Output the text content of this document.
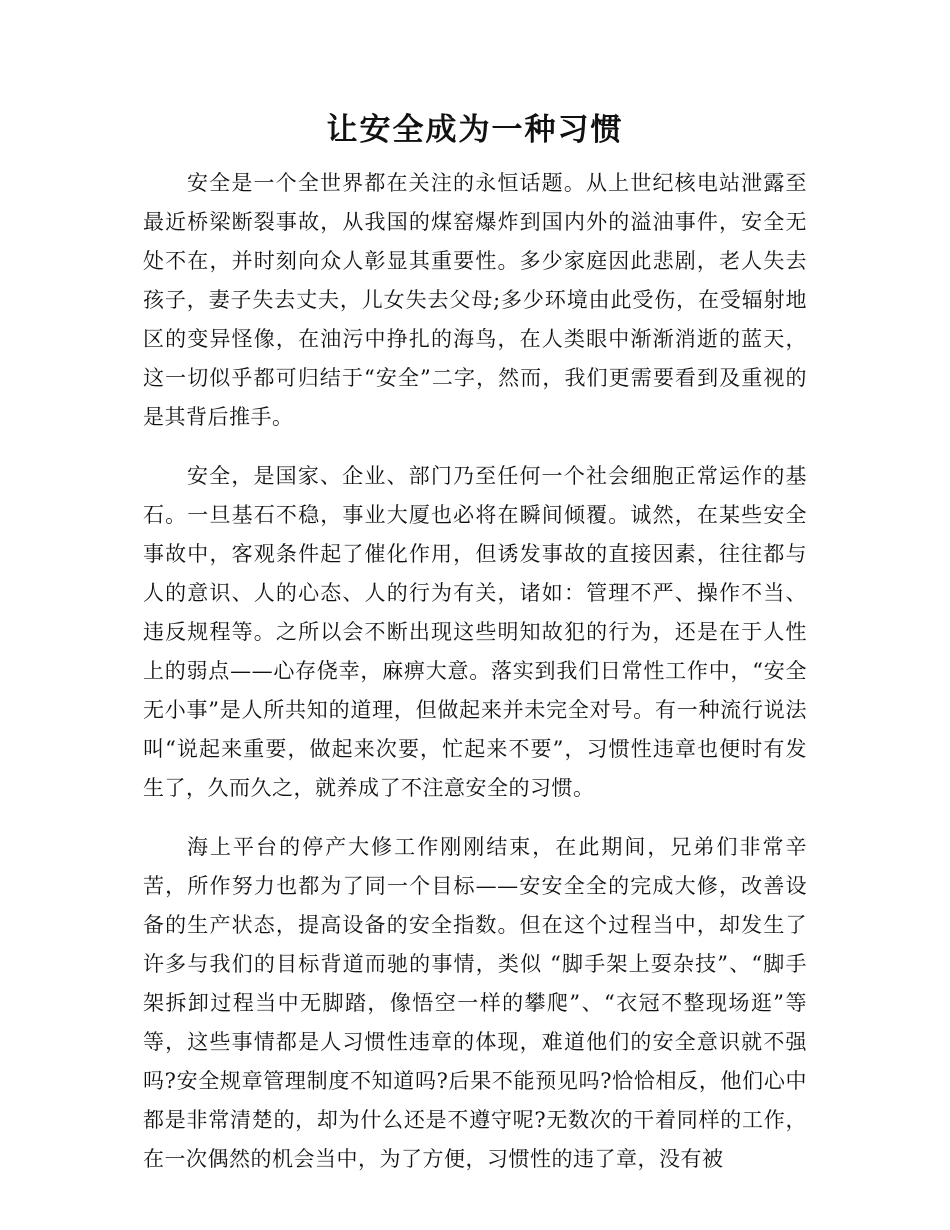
让安全成为一种习惯

安全是一个全世界都在关注的永恒话题。从上世纪核电站泄露至最近桥梁断裂事故，从我国的煤窑爆炸到国内外的溢油事件，安全无处不在，并时刻向众人彰显其重要性。多少家庭因此悲剧，老人失去孩子，妻子失去丈夫，儿女失去父母;多少环境由此受伤，在受辐射地区的变异怪像，在油污中挣扎的海鸟，在人类眼中渐渐消逝的蓝天，这一切似乎都可归结于“安全”二字，然而，我们更需要看到及重视的是其背后推手。

安全，是国家、企业、部门乃至任何一个社会细胞正常运作的基石。一旦基石不稳，事业大厦也必将在瞬间倾覆。诚然，在某些安全事故中，客观条件起了催化作用，但诱发事故的直接因素，往往都与人的意识、人的心态、人的行为有关，诸如：管理不严、操作不当、违反规程等。之所以会不断出现这些明知故犯的行为，还是在于人性上的弱点——心存侥幸，麻痹大意。落实到我们日常性工作中，“安全无小事”是人所共知的道理，但做起来并未完全对号。有一种流行说法叫“说起来重要，做起来次要，忙起来不要”，习惯性违章也便时有发生了，久而久之，就养成了不注意安全的习惯。

海上平台的停产大修工作刚刚结束，在此期间，兄弟们非常辛苦，所作努力也都为了同一个目标——安安全全的完成大修，改善设备的生产状态，提高设备的安全指数。但在这个过程当中，却发生了许多与我们的目标背道而驰的事情，类似 “脚手架上耍杂技”、“脚手架拆卸过程当中无脚踏，像悟空一样的攀爬”、“衣冠不整现场逛”等等，这些事情都是人习惯性违章的体现，难道他们的安全意识就不强吗?安全规章管理制度不知道吗?后果不能预见吗?恰恰相反，他们心中都是非常清楚的，却为什么还是不遵守呢?无数次的干着同样的工作，在一次偶然的机会当中，为了方便，习惯性的违了章，没有被
